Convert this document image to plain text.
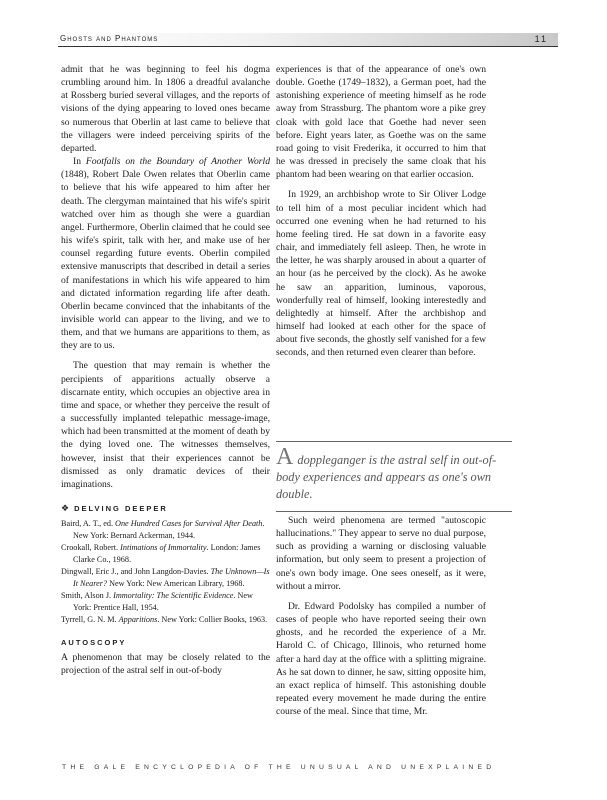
Ghosts and Phantoms	11

admit that he was beginning to feel his dogma crumbling around him. In 1806 a dreadful avalanche at Rossberg buried several villages, and the reports of visions of the dying appearing to loved ones became so numerous that Oberlin at last came to believe that the villagers were indeed perceiving spirits of the departed.

In Footfalls on the Boundary of Another World (1848), Robert Dale Owen relates that Oberlin came to believe that his wife appeared to him after her death. The clergyman maintained that his wife's spirit watched over him as though she were a guardian angel. Furthermore, Oberlin claimed that he could see his wife's spirit, talk with her, and make use of her counsel regarding future events. Oberlin compiled extensive manuscripts that described in detail a series of manifestations in which his wife appeared to him and dictated information regarding life after death. Oberlin became convinced that the inhabitants of the invisible world can appear to the living, and we to them, and that we humans are apparitions to them, as they are to us.

The question that may remain is whether the percipients of apparitions actually observe a discarnate entity, which occupies an objective area in time and space, or whether they perceive the result of a successfully implanted telepathic message-image, which had been transmitted at the moment of death by the dying loved one. The witnesses themselves, however, insist that their experiences cannot be dismissed as only dramatic devices of their imaginations.

❖ DELVING DEEPER
Baird, A. T., ed. One Hundred Cases for Survival After Death. New York: Bernard Ackerman, 1944.
Crookall, Robert. Intimations of Immortality. London: James Clarke Co., 1968.
Dingwall, Eric J., and John Langdon-Davies. The Unknown—Is It Nearer? New York: New American Library, 1968.
Smith, Alson J. Immortality: The Scientific Evidence. New York: Prentice Hall, 1954.
Tyrrell, G. N. M. Apparitions. New York: Collier Books, 1963.
AUTOSCOPY

A phenomenon that may be closely related to the projection of the astral self in out-of-body

experiences is that of the appearance of one's own double. Goethe (1749–1832), a German poet, had the astonishing experience of meeting himself as he rode away from Strassburg. The phantom wore a pike grey cloak with gold lace that Goethe had never seen before. Eight years later, as Goethe was on the same road going to visit Frederika, it occurred to him that he was dressed in precisely the same cloak that his phantom had been wearing on that earlier occasion.

In 1929, an archbishop wrote to Sir Oliver Lodge to tell him of a most peculiar incident which had occurred one evening when he had returned to his home feeling tired. He sat down in a favorite easy chair, and immediately fell asleep. Then, he wrote in the letter, he was sharply aroused in about a quarter of an hour (as he perceived by the clock). As he awoke he saw an apparition, luminous, vaporous, wonderfully real of himself, looking interestedly and delightedly at himself. After the archbishop and himself had looked at each other for the space of about five seconds, the ghostly self vanished for a few seconds, and then returned even clearer than before.

A doppleganger is the astral self in out-of-body experiences and appears as one's own double.

Such weird phenomena are termed "autoscopic hallucinations." They appear to serve no dual purpose, such as providing a warning or disclosing valuable information, but only seem to present a projection of one's own body image. One sees oneself, as it were, without a mirror.

Dr. Edward Podolsky has compiled a number of cases of people who have reported seeing their own ghosts, and he recorded the experience of a Mr. Harold C. of Chicago, Illinois, who returned home after a hard day at the office with a splitting migraine. As he sat down to dinner, he saw, sitting opposite him, an exact replica of himself. This astonishing double repeated every movement he made during the entire course of the meal. Since that time, Mr.

THE GALE ENCYCLOPEDIA OF THE UNUSUAL AND UNEXPLAINED
